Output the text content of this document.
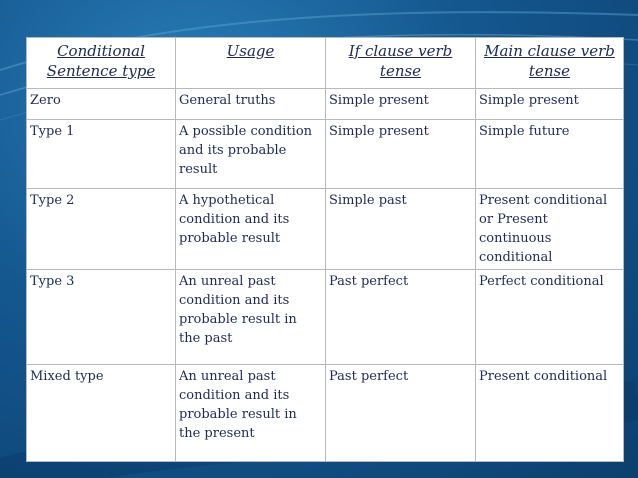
Conditional Sentence type	Usage	If clause verb tense	Main clause verb tense
Zero	General truths	Simple present	Simple present
Type 1	A possible condition and its probable result	Simple present	Simple future
Type 2	A hypothetical condition and its probable result	Simple past	Present conditional or Present continuous conditional
Type 3	An unreal past condition and its probable result in the past	Past perfect	Perfect conditional
Mixed type	An unreal past condition and its probable result in the present	Past perfect	Present conditional
